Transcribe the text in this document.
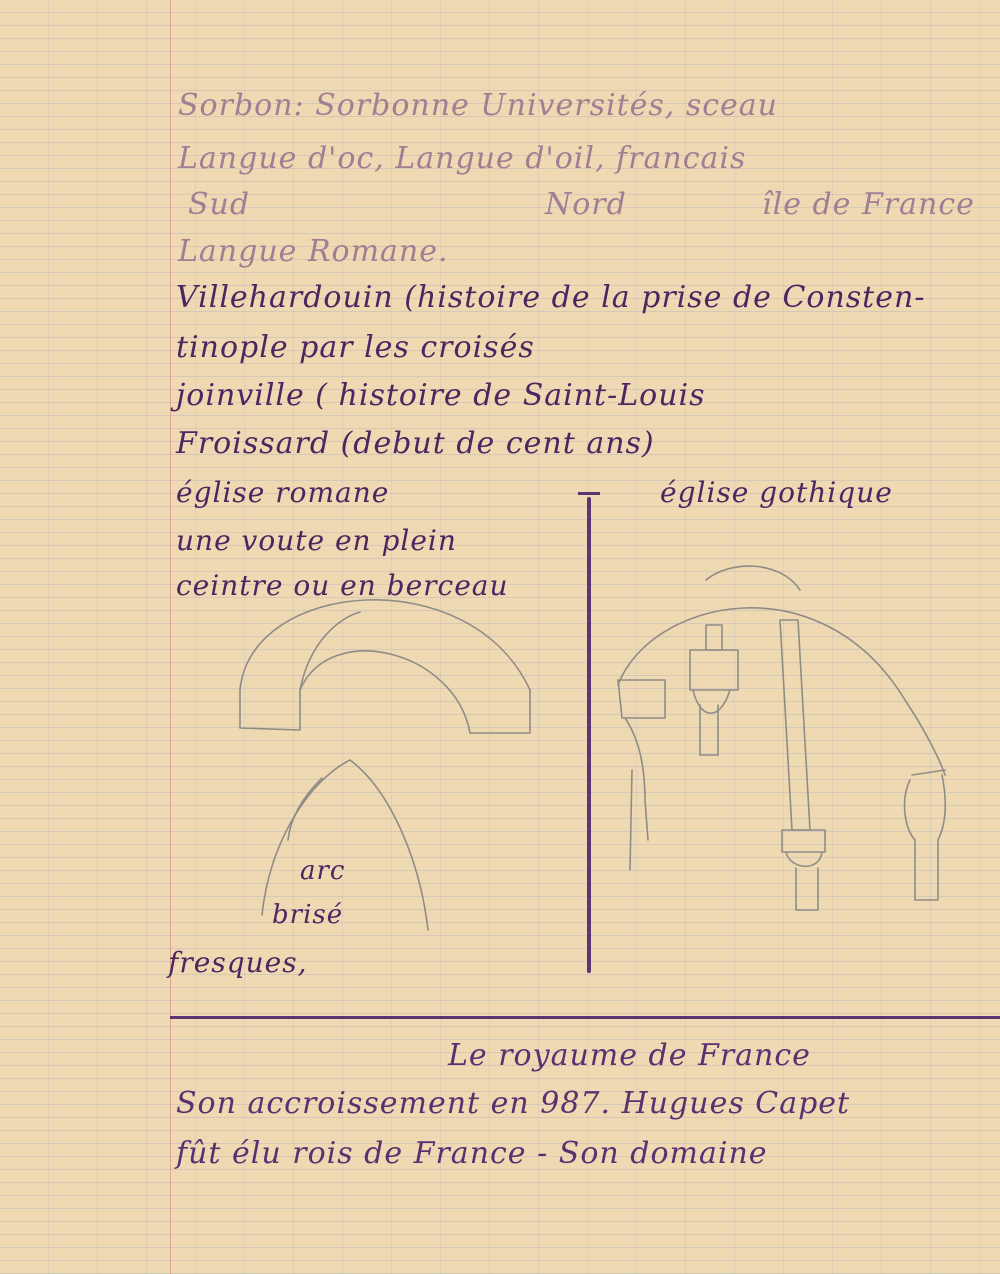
Sorbon: Sorbonne Universités, sceau
Langue d'oc, Langue d'oil, francais
Sud	Nord	île de France
Langue Romane.
Villehardouin (histoire de la prise de Consten-
tinople par les croisés
joinville ( histoire de Saint-Louis
Froissard (debut de cent ans)
église romane
une voute en plein
ceintre ou en berceau
église gothique
arc
brisé
fresques,
Le royaume de France
Son accroissement en 987. Hugues Capet
fût élu rois de France - Son domaine
